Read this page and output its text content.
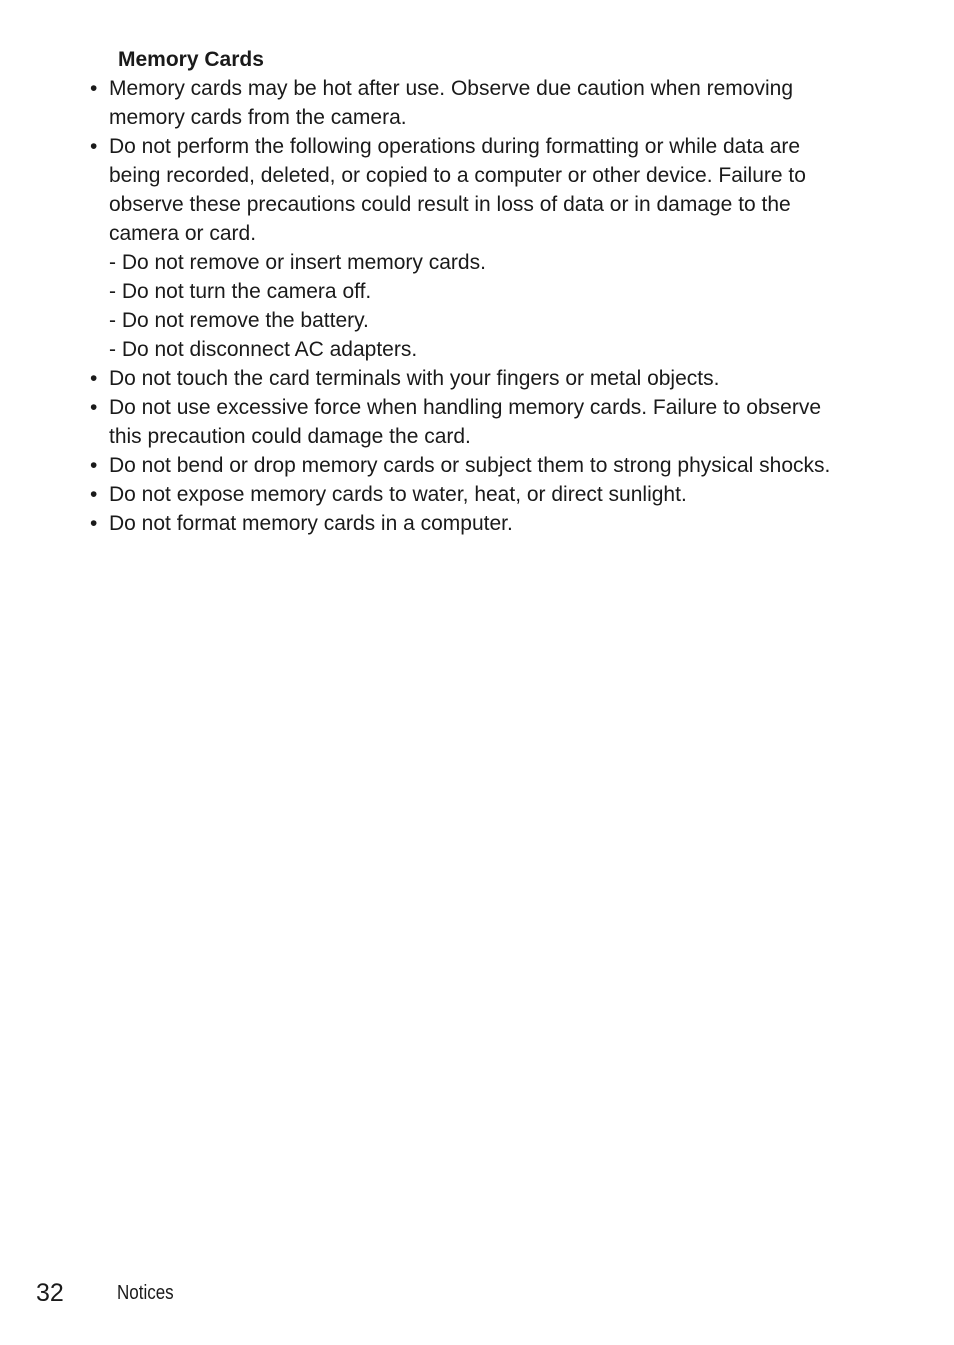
Memory Cards
• Memory cards may be hot after use. Observe due caution when removing memory cards from the camera.
• Do not perform the following operations during formatting or while data are being recorded, deleted, or copied to a computer or other device. Failure to observe these precautions could result in loss of data or in damage to the camera or card.
- Do not remove or insert memory cards.
- Do not turn the camera off.
- Do not remove the battery.
- Do not disconnect AC adapters.
• Do not touch the card terminals with your fingers or metal objects.
• Do not use excessive force when handling memory cards. Failure to observe this precaution could damage the card.
• Do not bend or drop memory cards or subject them to strong physical shocks.
• Do not expose memory cards to water, heat, or direct sunlight.
• Do not format memory cards in a computer.
32	Notices
